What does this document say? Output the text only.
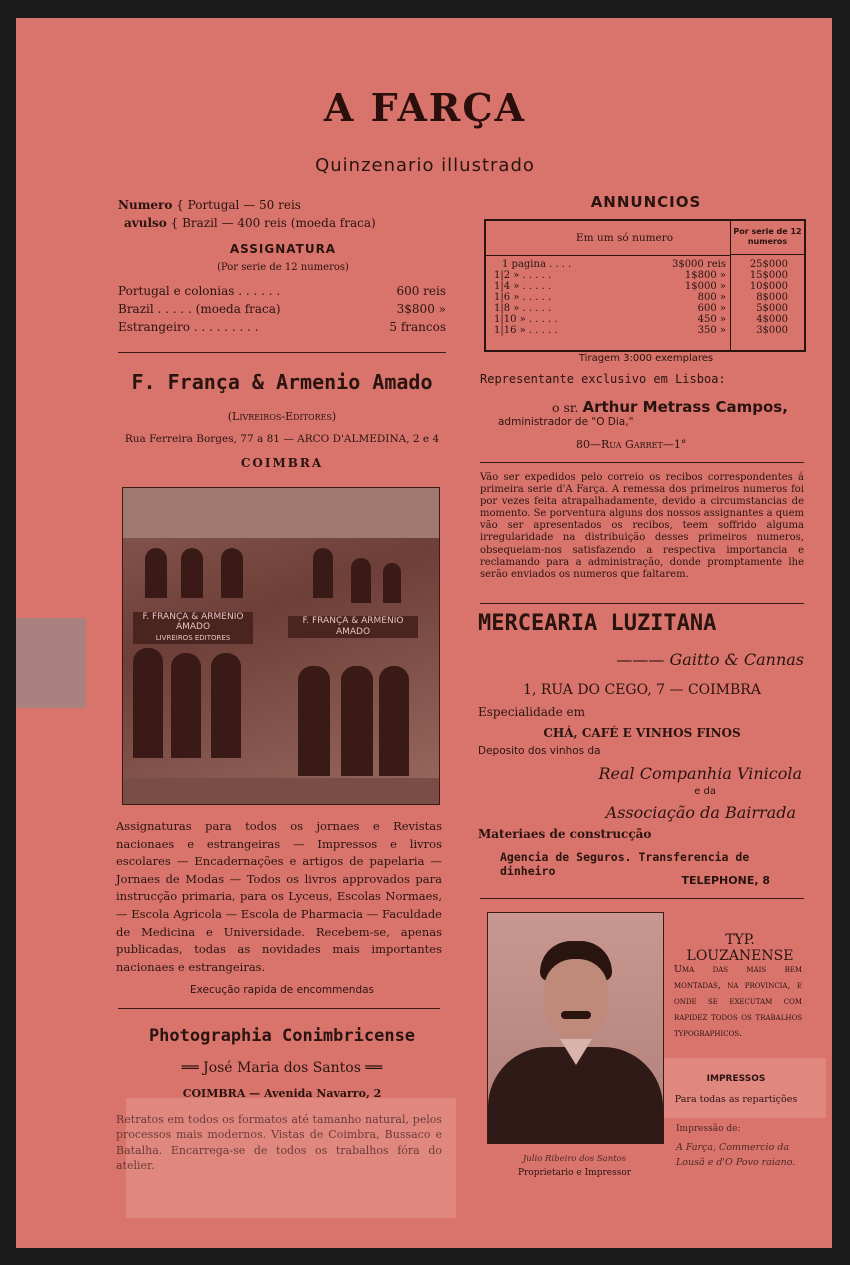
A FARÇA
Quinzenario illustrado
Numero { Portugal — 50 reis
avulso { Brazil — 400 reis (moeda fraca)
ASSIGNATURA
(Por serie de 12 numeros)
Portugal e colonias . . . . . .	600 reis
Brazil . . . . . (moeda fraca)	3$800 »
Estrangeiro . . . . . . . . .	5 francos
F. França & Armenio Amado
(Livreiros-Editores)
Rua Ferreira Borges, 77 a 81 — ARCO D'ALMEDINA, 2 e 4
COIMBRA
F. FRANÇA & ARMENIO AMADO
LIVREIROS EDITORES
F. FRANÇA & ARMENIO AMADO
Assignaturas para todos os jornaes e Revistas nacionaes e estrangeiras — Impressos e livros escolares — Encadernações e artigos de papelaria — Jornaes de Modas — Todos os livros approvados para instrucção primaria, para os Lyceus, Escolas Normaes, — Escola Agricola — Escola de Pharmacia — Faculdade de Medicina e Universidade. Recebem-se, apenas publicadas, todas as novidades mais importantes nacionaes e estrangeiras.
Execução rapida de encommendas
Photographia Conimbricense
══ José Maria dos Santos ══
COIMBRA — Avenida Navarro, 2
Retratos em todos os formatos até tamanho natural, pelos processos mais modernos. Vistas de Coimbra, Bussaco e Batalha. Encarrega-se de todos os trabalhos fóra do atelier.
ANNUNCIOS
Em um só numero
Por serie de 12 numeros
1 pagina . . . .	3$000 reis	25$000
1|2 » . . . . .	1$800 »	15$000
1|4 » . . . . .	1$000 »	10$000
1|6 » . . . . .	800 »	8$000
1|8 » . . . . .	600 »	5$000
1|10 » . . . . .	450 »	4$000
1|16 » . . . . .	350 »	3$000
Tiragem 3:000 exemplares
Representante exclusivo em Lisboa:
o sr. Arthur Metrass Campos,
administrador de "O Dia,"
80—Rua Garret—1°
Vão ser expedidos pelo correio os recibos correspondentes á primeira serie d'A Farça. A remessa dos primeiros numeros foi por vezes feita atrapalhadamente, devido a circumstancias de momento. Se porventura alguns dos nossos assignantes a quem vão ser apresentados os recibos, teem soffrido alguma irregularidade na distribuição desses primeiros numeros, obsequeiam-nos satisfazendo a respectiva importancia e reclamando para a administração, donde promptamente lhe serão enviados os numeros que faltarem.
MERCEARIA LUZITANA
——— Gaitto & Cannas
1, RUA DO CEGO, 7 — COIMBRA
Especialidade em
CHÁ, CAFÉ E VINHOS FINOS
Deposito dos vinhos da
Real Companhia Vinicola
e da
Associação da Bairrada
Materiaes de construcção
Agencia de Seguros. Transferencia de dinheiro
TELEPHONE, 8
Julio Ribeiro dos Santos
Proprietario e Impressor
TYP. LOUZANENSE
Uma das mais bem montadas, na provincia, e onde se executam com rapidez todos os trabalhos typographicos.
IMPRESSOS
Para todas as repartições
Impressão de:
A Farça, Commercio da Lousã e d'O Povo raiano.
